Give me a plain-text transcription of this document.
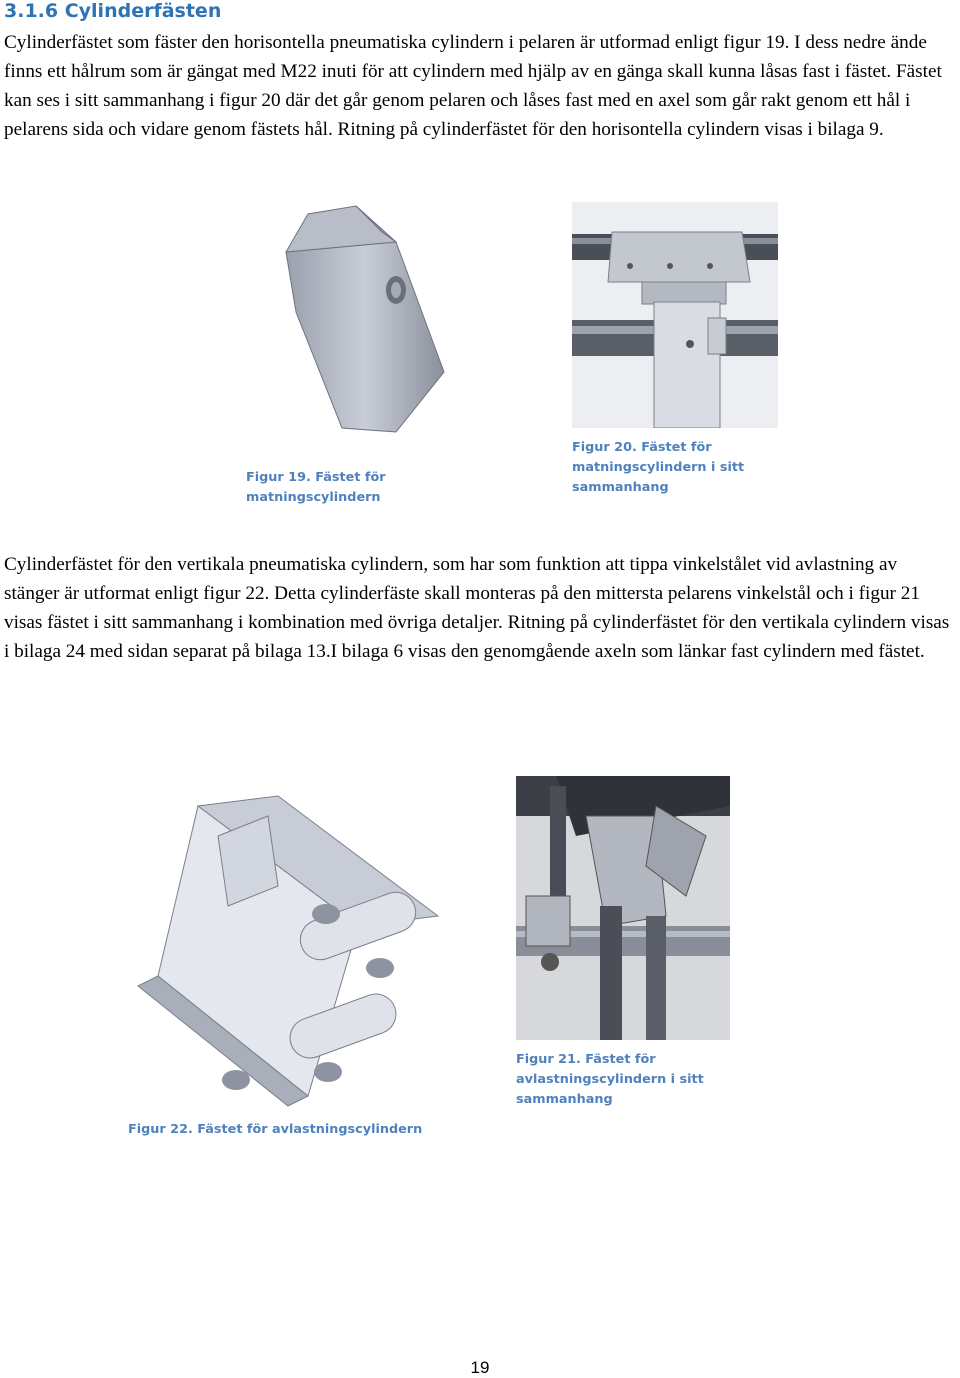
3.1.6 Cylinderfästen

Cylinderfästet som fäster den horisontella pneumatiska cylindern i pelaren är utformad enligt figur 19. I dess nedre ände finns ett hålrum som är gängat med M22 inuti för att cylindern med hjälp av en gänga skall kunna låsas fast i fästet. Fästet kan ses i sitt sammanhang i figur 20 där det går genom pelaren och låses fast med en axel som går rakt genom ett hål i pelarens sida och vidare genom fästets hål. Ritning på cylinderfästet för den horisontella cylindern visas i bilaga 9.

Figur 19. Fästet för matningscylindern
Figur 20. Fästet för matningscylindern i sitt sammanhang

Cylinderfästet för den vertikala pneumatiska cylindern, som har som funktion att tippa vinkelstålet vid avlastning av stänger är utformat enligt figur 22. Detta cylinderfäste skall monteras på den mittersta pelarens vinkelstål och i figur 21 visas fästet i sitt sammanhang i kombination med övriga detaljer. Ritning på cylinderfästet för den vertikala cylindern visas i bilaga 24 med sidan separat på bilaga 13.I bilaga 6 visas den genomgående axeln som länkar fast cylindern med fästet.

Figur 22. Fästet för avlastningscylindern
Figur 21. Fästet för avlastningscylindern i sitt sammanhang
19
